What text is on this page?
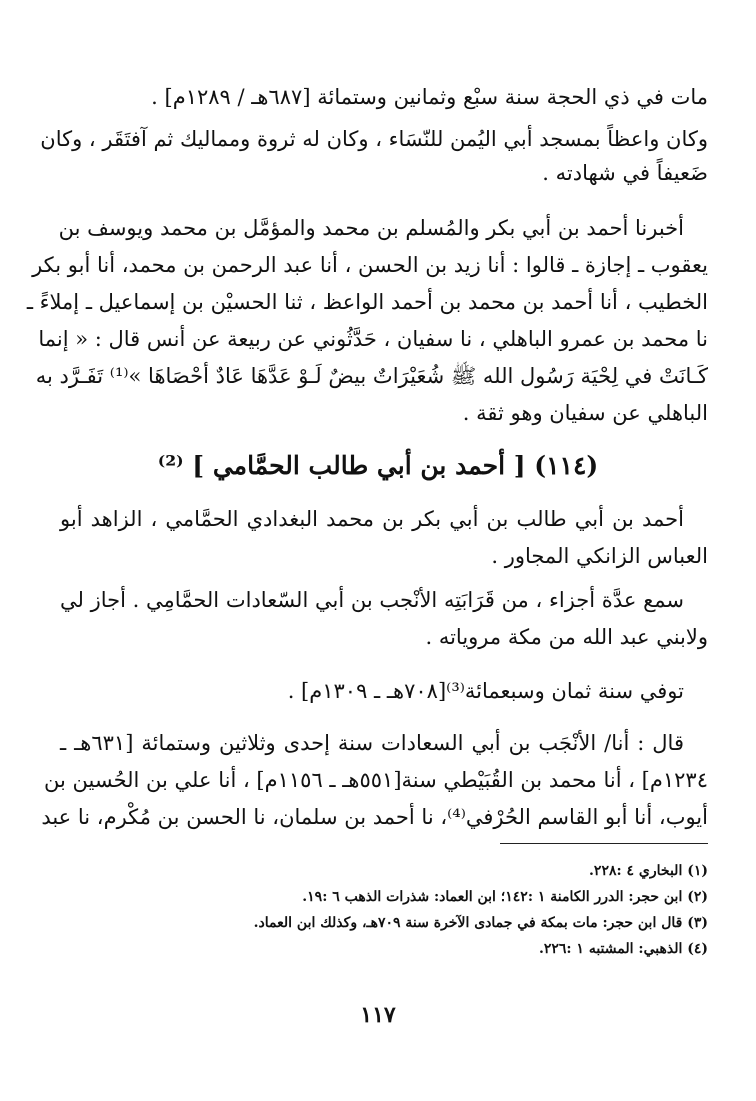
مات في ذي الحجة سنة سبْع وثمانين وستمائة [٦٨٧هـ / ١٢٨٩م] .
وكان واعظاً بمسجد أبي اليُمن للنّسَاء ، وكان له ثروة ومماليك ثم آفتَقَر ، وكان
ضَعيفاً في شهادته .
أخبرنا أحمد بن أبي بكر والمُسلم بن محمد والمؤمَّل بن محمد ويوسف بن
يعقوب ـ إجازة ـ قالوا : أنا زيد بن الحسن ، أنا عبد الرحمن بن محمد، أنا أبو بكر
الخطيب ، أنا أحمد بن محمد بن أحمد الواعظ ، ثنا الحسيْن بن إسماعيل ـ إملاءً ـ
نا محمد بن عمرو الباهلي ، نا سفيان ، حَدَّثُوني عن ربيعة عن أنس قال : « إنما
كَـانَتْ في لِحْيَة رَسُول الله ﷺ شُعَيْرَاتٌ بيضٌ لَـوْ عَدَّهَا عَادٌ أحْصَاهَا »⁽¹⁾ تَفَـرَّد به
الباهلي عن سفيان وهو ثقة .
(١١٤) [ أحمد بن أبي طالب الحمَّامي ] ⁽²⁾
أحمد بن أبي طالب بن أبي بكر بن محمد البغدادي الحمَّامي ، الزاهد أبو
العباس الزانكي المجاور .
سمع عدَّة أجزاء ، من قَرَابَتِه الأنْجب بن أبي السّعادات الحمَّامِي . أجاز لي
ولابني عبد الله من مكة مروياته .
توفي سنة ثمان وسبعمائة⁽³⁾[٧٠٨هـ ـ ١٣٠٩م] .
قال : أنا/ الأنْجَب بن أبي السعادات سنة إحدى وثلاثين وستمائة [٦٣١هـ ـ
١٢٣٤م] ، أنا محمد بن القُبَيْطي سنة[٥٥١هـ ـ ١١٥٦م] ، أنا علي بن الحُسين بن
أيوب، أنا أبو القاسم الحُرْفي⁽⁴⁾، نا أحمد بن سلمان، نا الحسن بن مُكْرم، نا عبد
(١) البخاري ٤ :٢٢٨.
(٢) ابن حجر: الدرر الكامنة ١ :١٤٢؛ ابن العماد: شذرات الذهب ٦ :١٩.
(٣) قال ابن حجر: مات بمكة في جمادى الآخرة سنة ٧٠٩هـ، وكذلك ابن العماد.
(٤) الذهبي: المشتبه ١ :٢٢٦.
١١٧
